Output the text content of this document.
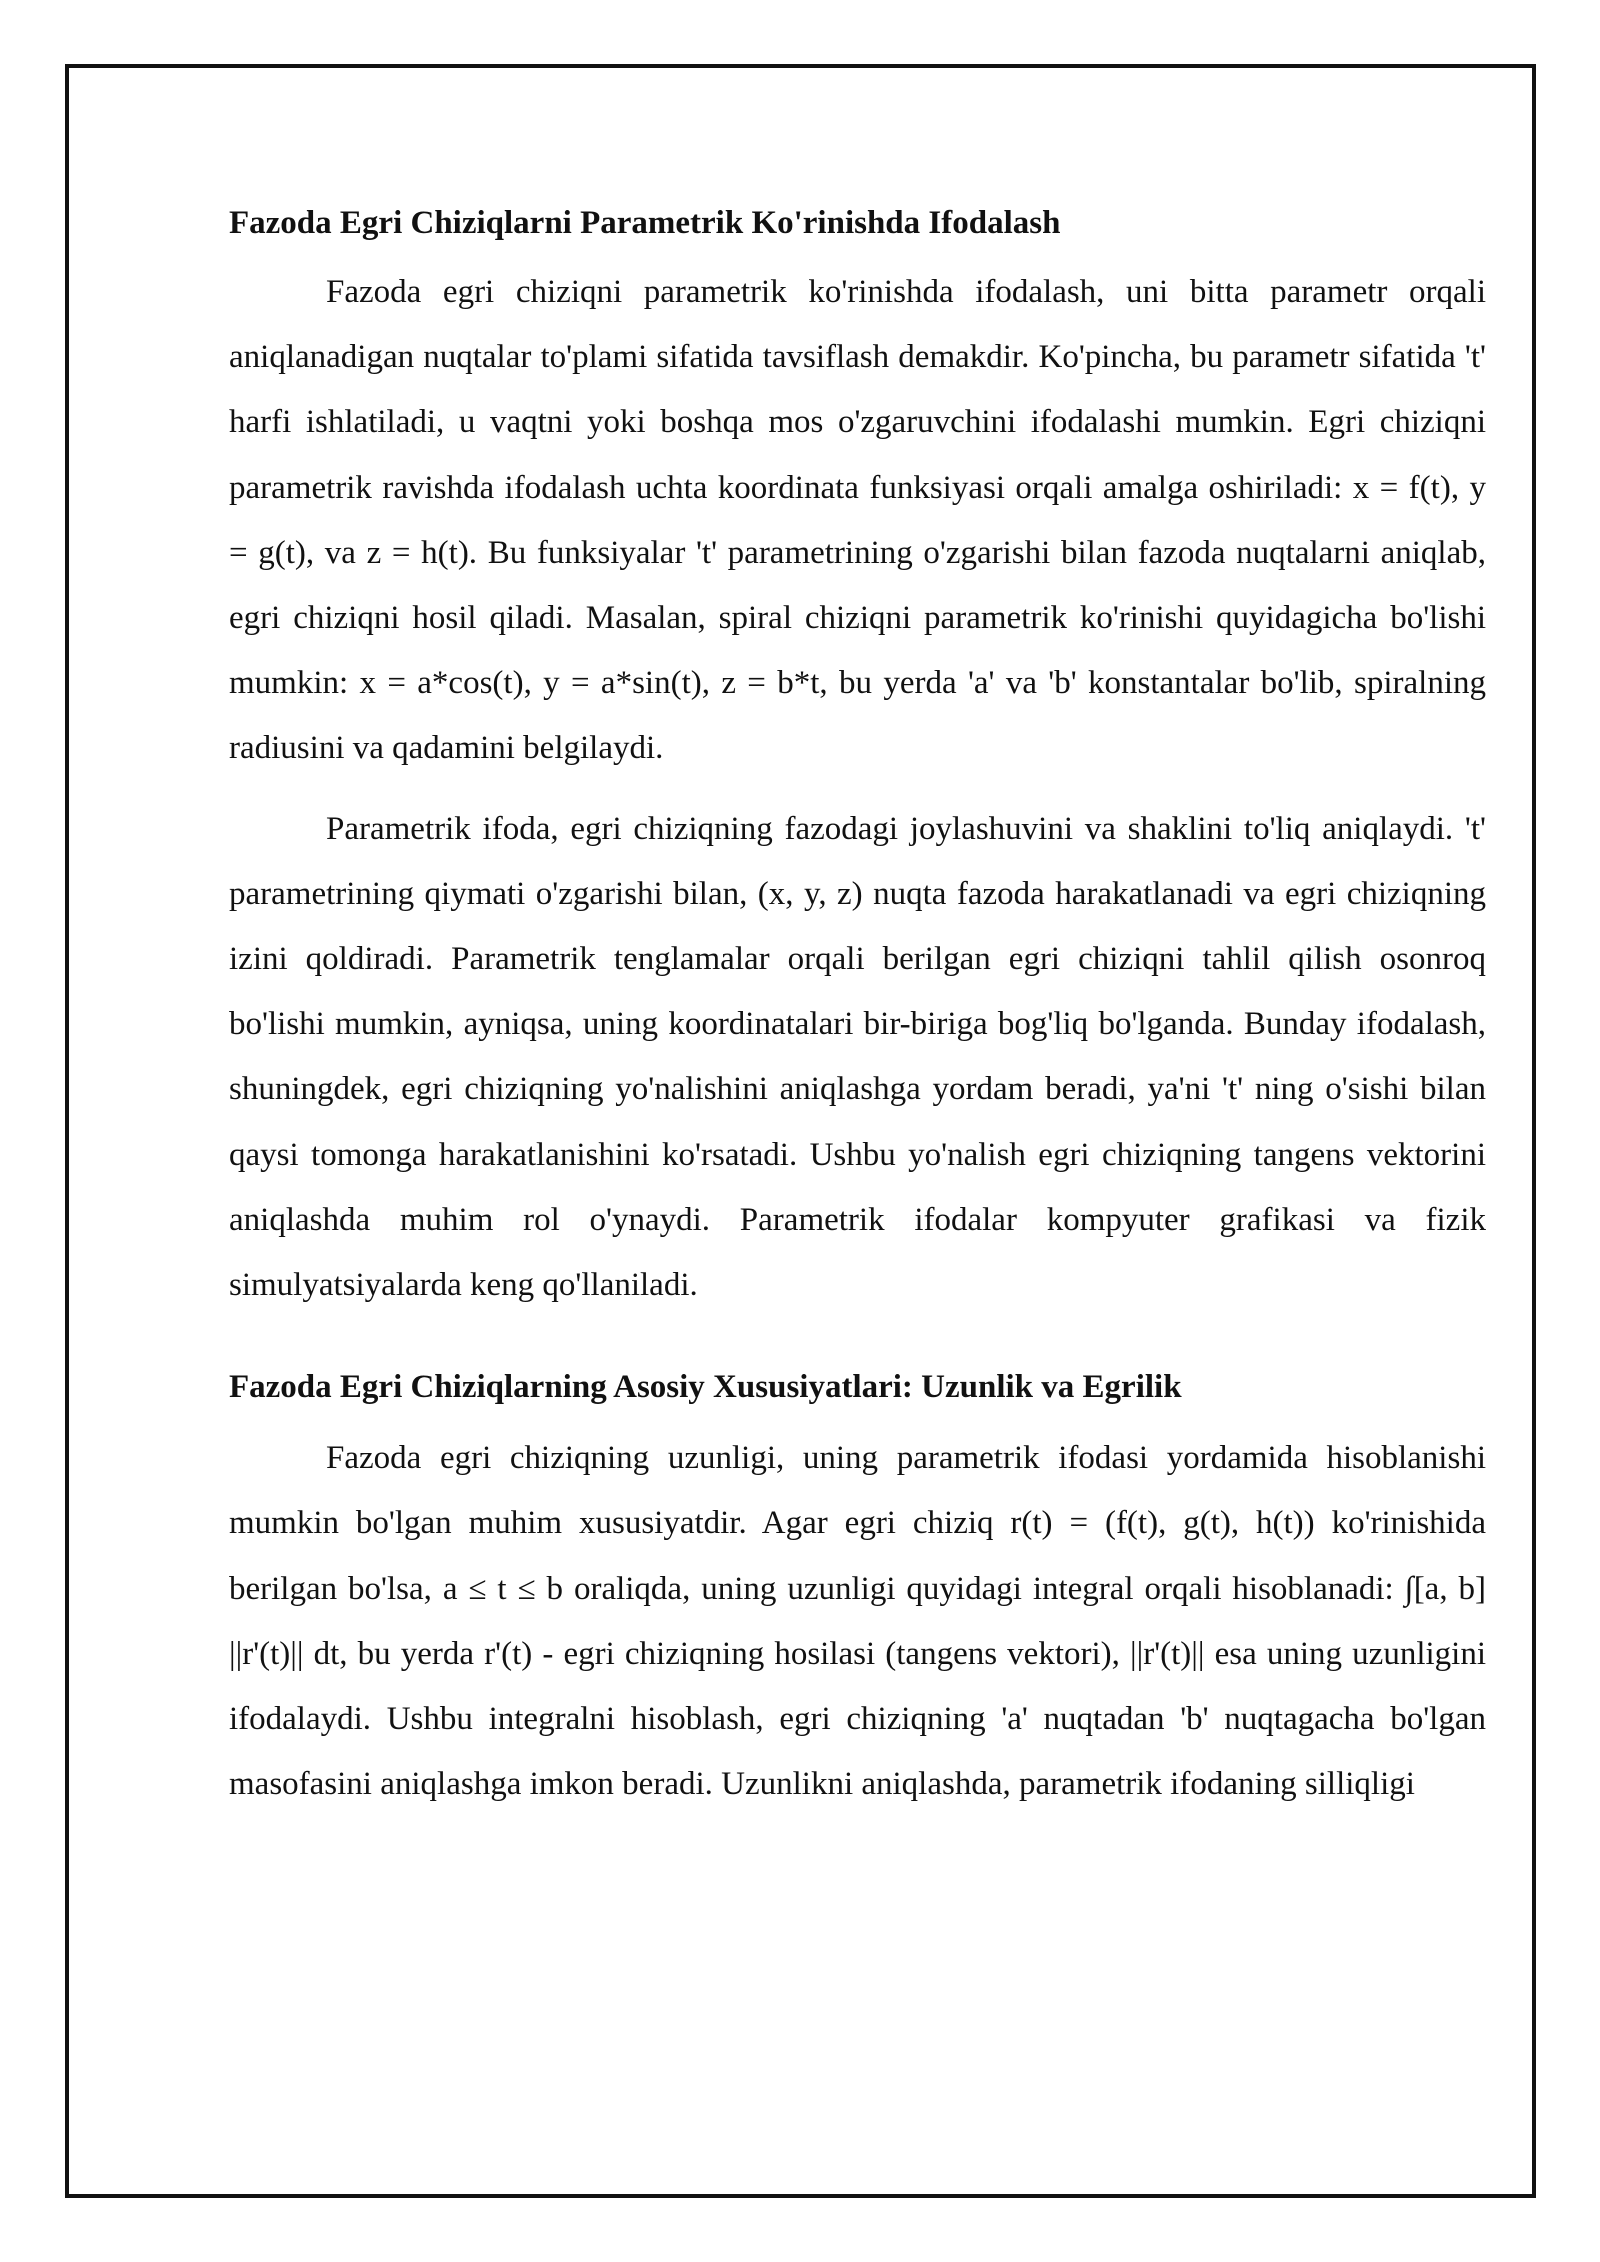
Fazoda Egri Chiziqlarni Parametrik Ko'rinishda Ifodalash

Fazoda egri chiziqni parametrik ko'rinishda ifodalash, uni bitta parametr orqali aniqlanadigan nuqtalar to'plami sifatida tavsiflash demakdir. Ko'pincha, bu parametr sifatida 't' harfi ishlatiladi, u vaqtni yoki boshqa mos o'zgaruvchini ifodalashi mumkin. Egri chiziqni parametrik ravishda ifodalash uchta koordinata funksiyasi orqali amalga oshiriladi: x = f(t), y = g(t), va z = h(t). Bu funksiyalar 't' parametrining o'zgarishi bilan fazoda nuqtalarni aniqlab, egri chiziqni hosil qiladi. Masalan, spiral chiziqni parametrik ko'rinishi quyidagicha bo'lishi mumkin: x = a*cos(t), y = a*sin(t), z = b*t, bu yerda 'a' va 'b' konstantalar bo'lib, spiralning radiusini va qadamini belgilaydi.

Parametrik ifoda, egri chiziqning fazodagi joylashuvini va shaklini to'liq aniqlaydi. 't' parametrining qiymati o'zgarishi bilan, (x, y, z) nuqta fazoda harakatlanadi va egri chiziqning izini qoldiradi. Parametrik tenglamalar orqali berilgan egri chiziqni tahlil qilish osonroq bo'lishi mumkin, ayniqsa, uning koordinatalari bir-biriga bog'liq bo'lganda. Bunday ifodalash, shuningdek, egri chiziqning yo'nalishini aniqlashga yordam beradi, ya'ni 't' ning o'sishi bilan qaysi tomonga harakatlanishini ko'rsatadi. Ushbu yo'nalish egri chiziqning tangens vektorini aniqlashda muhim rol o'ynaydi. Parametrik ifodalar kompyuter grafikasi va fizik simulyatsiyalarda keng qo'llaniladi.

Fazoda Egri Chiziqlarning Asosiy Xususiyatlari: Uzunlik va Egrilik

Fazoda egri chiziqning uzunligi, uning parametrik ifodasi yordamida hisoblanishi mumkin bo'lgan muhim xususiyatdir. Agar egri chiziq r(t) = (f(t), g(t), h(t)) ko'rinishida berilgan bo'lsa, a ≤ t ≤ b oraliqda, uning uzunligi quyidagi integral orqali hisoblanadi: ∫[a, b] ||r'(t)|| dt, bu yerda r'(t) - egri chiziqning hosilasi (tangens vektori), ||r'(t)|| esa uning uzunligini ifodalaydi. Ushbu integralni hisoblash, egri chiziqning 'a' nuqtadan 'b' nuqtagacha bo'lgan masofasini aniqlashga imkon beradi. Uzunlikni aniqlashda, parametrik ifodaning silliqligi
